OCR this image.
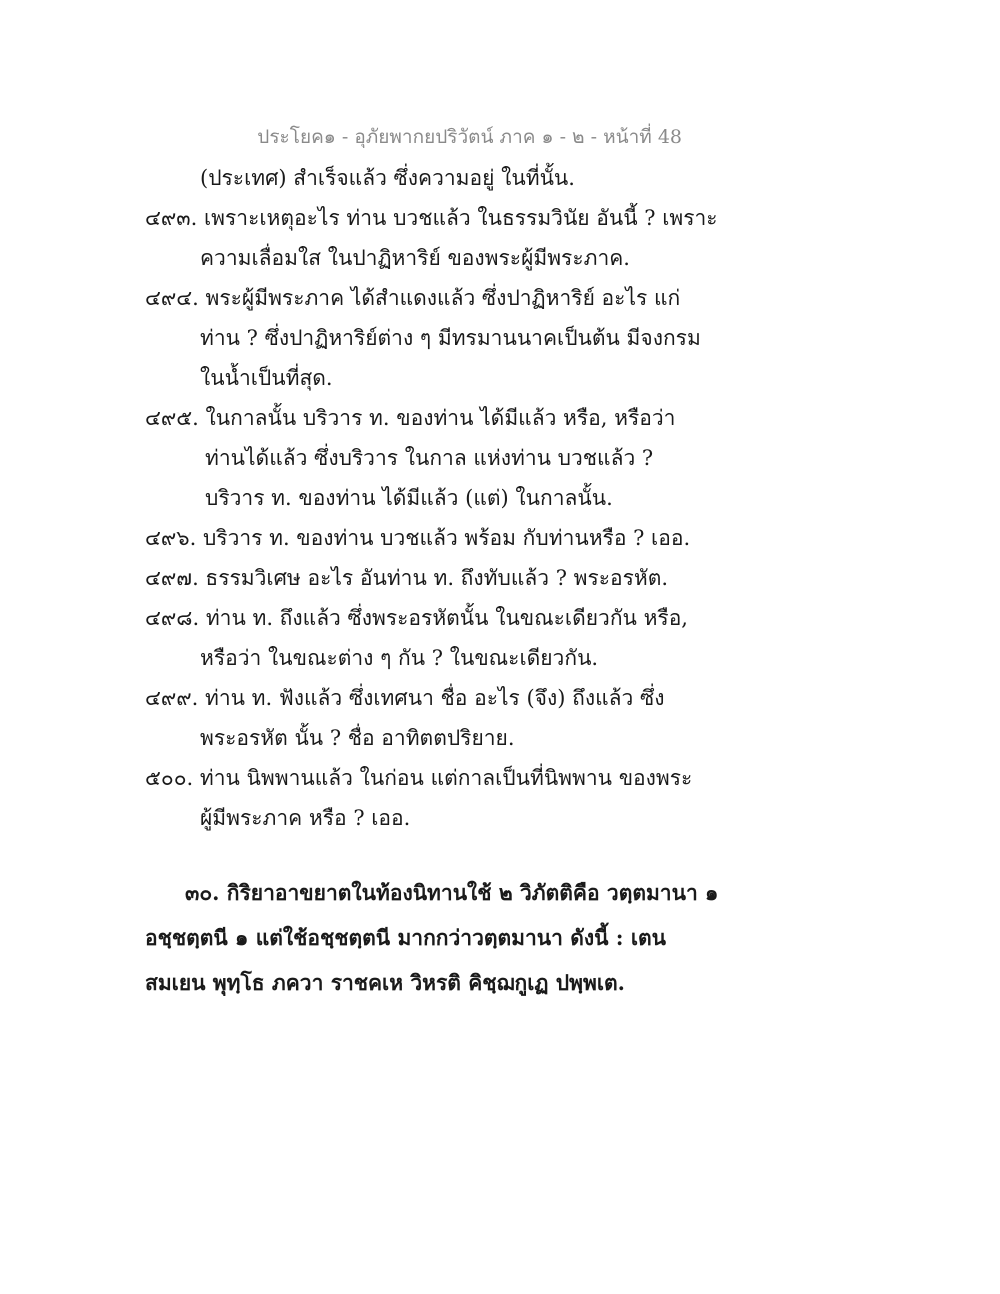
ประโยค๑ - อุภัยพากยปริวัตน์ ภาค ๑ - ๒ - หน้าที่ 48
(ประเทศ) สำเร็จแล้ว ซึ่งความอยู่ ในที่นั้น.
๔๙๓. เพราะเหตุอะไร ท่าน บวชแล้ว ในธรรมวินัย อันนี้ ? เพราะ
ความเลื่อมใส ในปาฏิหาริย์ ของพระผู้มีพระภาค.
๔๙๔. พระผู้มีพระภาค ได้สำแดงแล้ว ซึ่งปาฏิหาริย์ อะไร แก่
ท่าน ? ซึ่งปาฏิหาริย์ต่าง ๆ มีทรมานนาคเป็นต้น มีจงกรม
ในน้ำเป็นที่สุด.
๔๙๕. ในกาลนั้น บริวาร ท. ของท่าน ได้มีแล้ว หรือ, หรือว่า
ท่านได้แล้ว ซึ่งบริวาร ในกาล แห่งท่าน บวชแล้ว ?
บริวาร ท. ของท่าน ได้มีแล้ว (แต่) ในกาลนั้น.
๔๙๖. บริวาร ท. ของท่าน บวชแล้ว พร้อม กับท่านหรือ ? เออ.
๔๙๗. ธรรมวิเศษ อะไร อันท่าน ท. ถึงทับแล้ว ? พระอรหัต.
๔๙๘. ท่าน ท. ถึงแล้ว ซึ่งพระอรหัตนั้น ในขณะเดียวกัน หรือ,
หรือว่า ในขณะต่าง ๆ กัน ? ในขณะเดียวกัน.
๔๙๙. ท่าน ท. ฟังแล้ว ซึ่งเทศนา ชื่อ อะไร (จึง) ถึงแล้ว ซึ่ง
พระอรหัต นั้น ? ชื่อ อาทิตตปริยาย.
๕๐๐. ท่าน นิพพานแล้ว ในก่อน แต่กาลเป็นที่นิพพาน ของพระ
ผู้มีพระภาค หรือ ? เออ.
๓๐. กิริยาอาขยาตในท้องนิทานใช้ ๒ วิภัตติคือ วตฺตมานา ๑
อชฺชตฺตนี ๑ แต่ใช้อชฺชตฺตนี มากกว่าวตฺตมานา ดังนี้ : เตน
สมเยน พุทฺโธ ภควา ราชคเห วิหรติ คิชฺฌกูเฏ ปพฺพเต.
